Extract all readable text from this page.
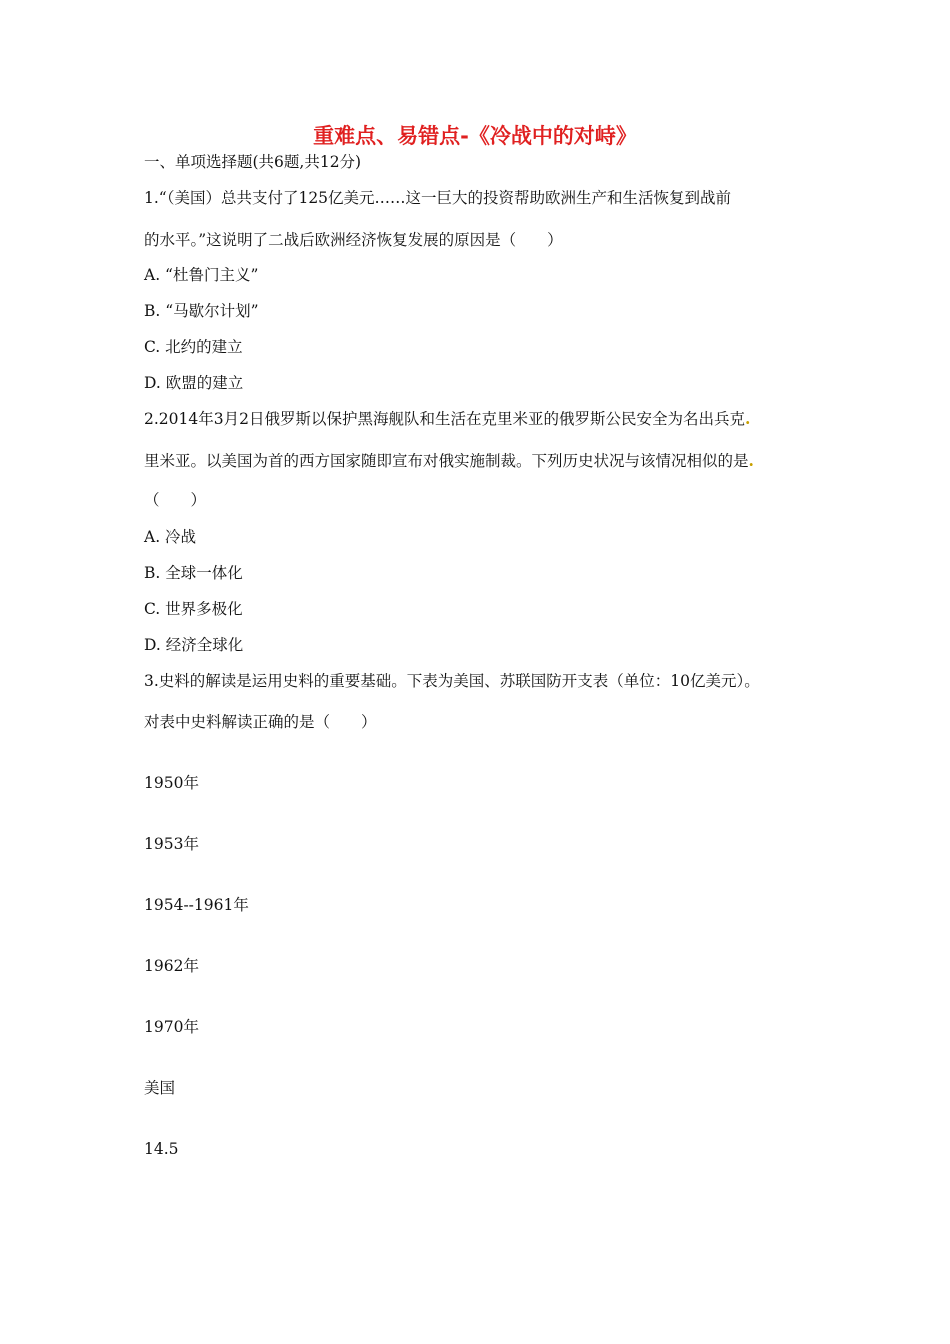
重难点、易错点-《冷战中的对峙》
一、单项选择题(共6题,共12分)
1.“（美国）总共支付了125亿美元……这一巨大的投资帮助欧洲生产和生活恢复到战前
的水平。”这说明了二战后欧洲经济恢复发展的原因是（　　）
A. “杜鲁门主义”
B. “马歇尔计划”
C. 北约的建立
D. 欧盟的建立
2.2014年3月2日俄罗斯以保护黑海舰队和生活在克里米亚的俄罗斯公民安全为名出兵克.
里米亚。以美国为首的西方国家随即宣布对俄实施制裁。下列历史状况与该情况相似的是.
（　　）
A. 冷战
B. 全球一体化
C. 世界多极化
D. 经济全球化
3.史料的解读是运用史料的重要基础。下表为美国、苏联国防开支表（单位：10亿美元）。
对表中史料解读正确的是（　　）
1950年
1953年
1954--1961年
1962年
1970年
美国
14.5
